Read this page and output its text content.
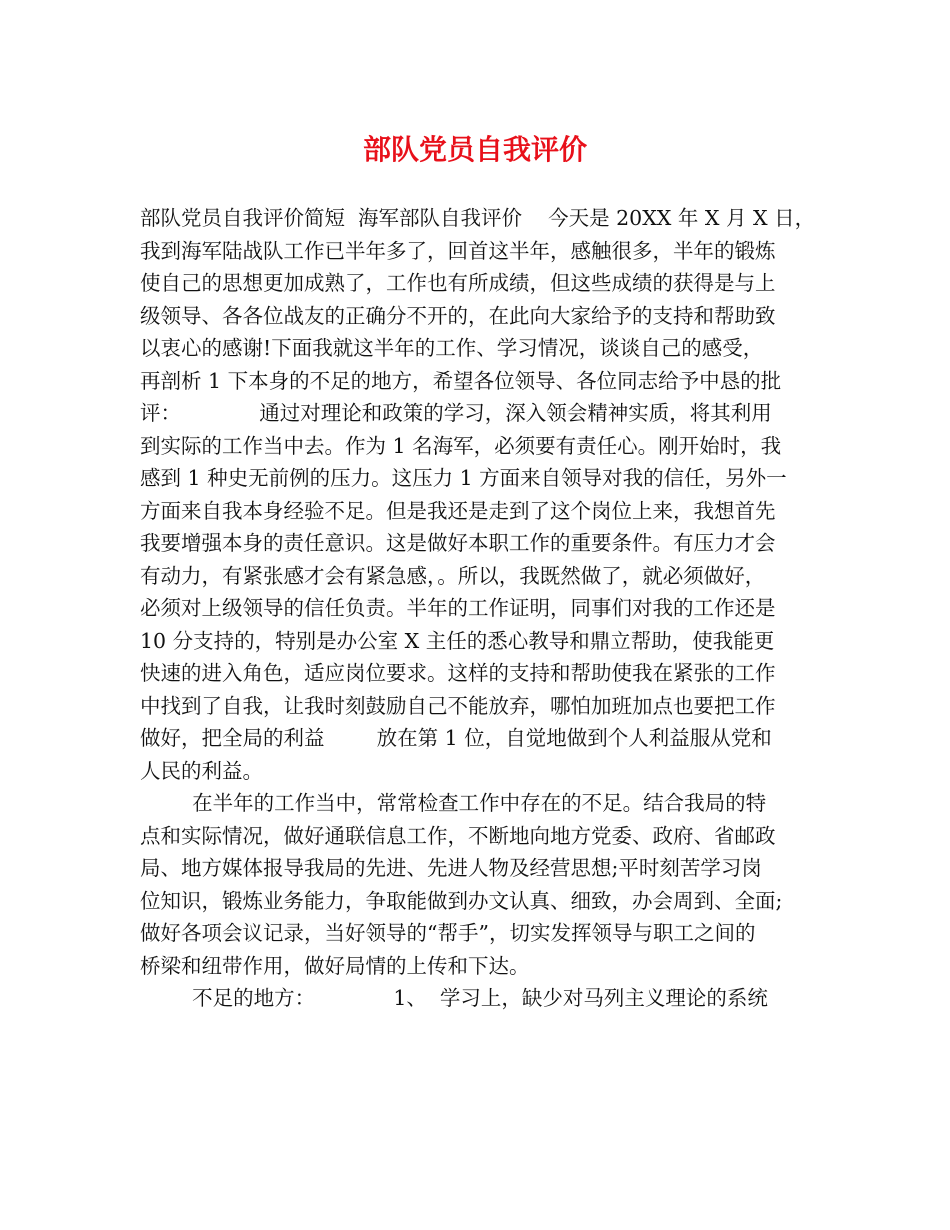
部队党员自我评价
部队党员自我评价简短  海军部队自我评价    今天是 20XX 年 X 月 X 日，
我到海军陆战队工作已半年多了，回首这半年，感触很多，半年的锻炼
使自己的思想更加成熟了，工作也有所成绩，但这些成绩的获得是与上
级领导、各各位战友的正确分不开的，在此向大家给予的支持和帮助致
以衷心的感谢!下面我就这半年的工作、学习情况，谈谈自己的感受，
再剖析 1 下本身的不足的地方，希望各位领导、各位同志给予中恳的批
评：            通过对理论和政策的学习，深入领会精神实质，将其利用
到实际的工作当中去。作为 1 名海军，必须要有责任心。刚开始时，我
感到 1 种史无前例的压力。这压力 1 方面来自领导对我的信任，另外一
方面来自我本身经验不足。但是我还是走到了这个岗位上来，我想首先
我要增强本身的责任意识。这是做好本职工作的重要条件。有压力才会
有动力，有紧张感才会有紧急感，。所以，我既然做了，就必须做好，
必须对上级领导的信任负责。半年的工作证明，同事们对我的工作还是
10 分支持的，特别是办公室 X 主任的悉心教导和鼎立帮助，使我能更
快速的进入角色，适应岗位要求。这样的支持和帮助使我在紧张的工作
中找到了自我，让我时刻鼓励自己不能放弃，哪怕加班加点也要把工作
做好，把全局的利益        放在第 1 位，自觉地做到个人利益服从党和
人民的利益。
在半年的工作当中，常常检查工作中存在的不足。结合我局的特
点和实际情况，做好通联信息工作，不断地向地方党委、政府、省邮政
局、地方媒体报导我局的先进、先进人物及经营思想;平时刻苦学习岗
位知识，锻炼业务能力，争取能做到办文认真、细致，办会周到、全面;
做好各项会议记录，当好领导的“帮手”，切实发挥领导与职工之间的
桥梁和纽带作用，做好局情的上传和下达。
不足的地方：            1、  学习上，缺少对马列主义理论的系统
